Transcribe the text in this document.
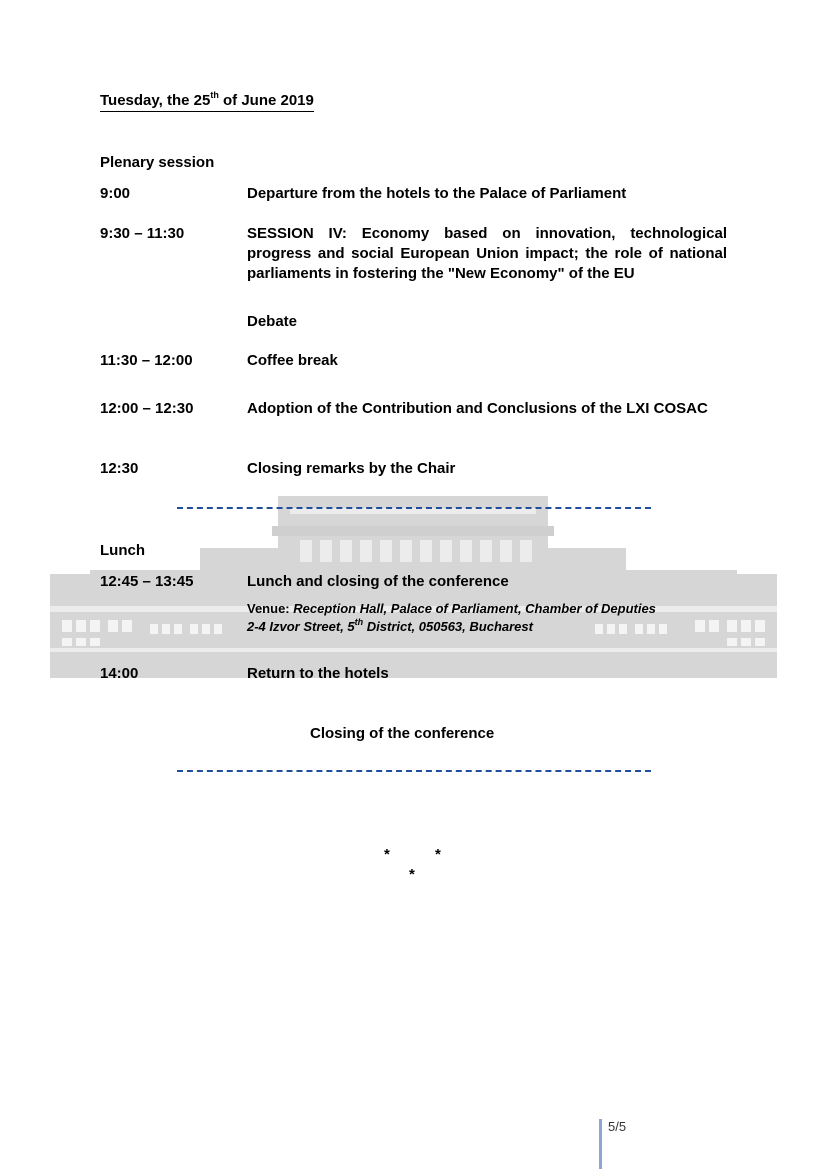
Tuesday, the 25th of June 2019
Plenary session
9:00	Departure from the hotels to the Palace of Parliament
9:30 – 11:30	SESSION IV: Economy based on innovation, technological progress and social European Union impact; the role of national parliaments in fostering the "New Economy" of the EU
Debate
11:30 – 12:00	Coffee break
12:00 – 12:30	Adoption of the Contribution and Conclusions of the LXI COSAC
12:30	Closing remarks by the Chair
Lunch
12:45 – 13:45	Lunch and closing of the conference
Venue: Reception Hall, Palace of Parliament, Chamber of Deputies
2-4 Izvor Street, 5th District, 050563, Bucharest
14:00	Return to the hotels
Closing of the conference
*	*
*
5/5
